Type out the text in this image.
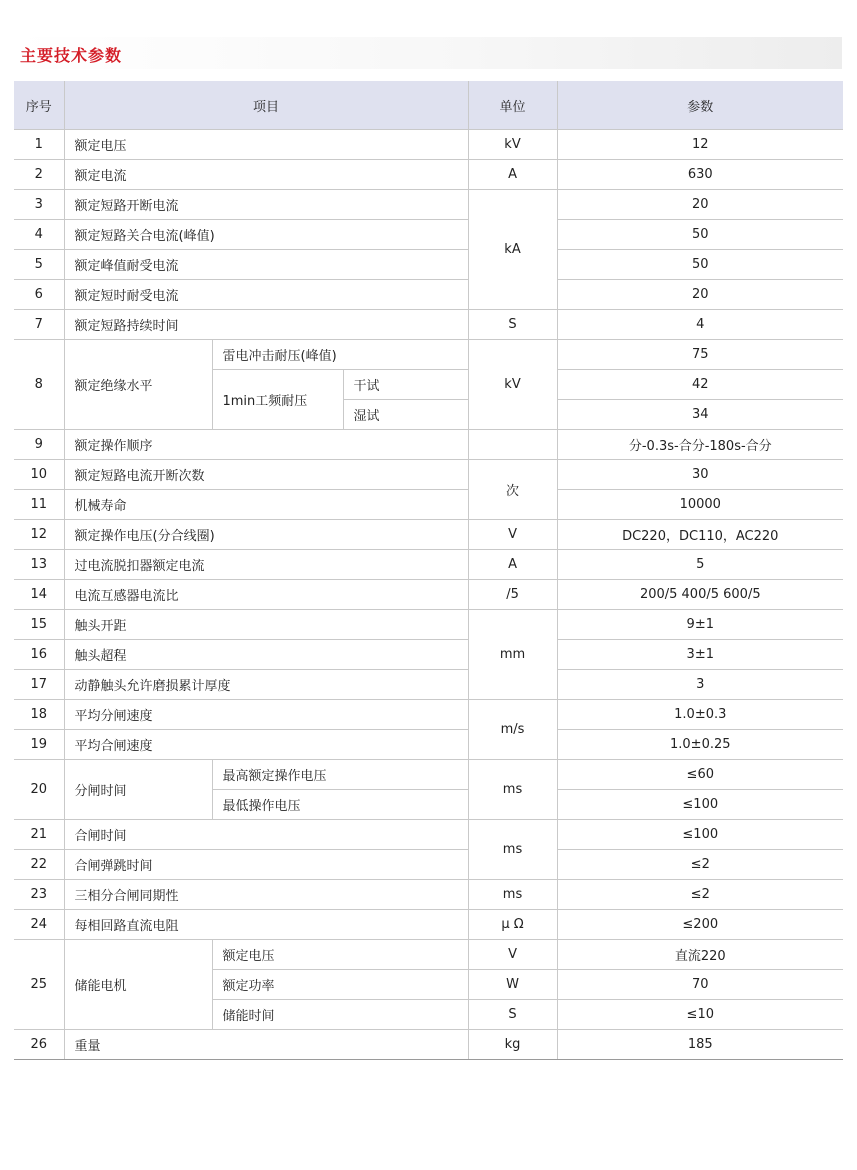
主要技术参数
序号	项目			单位	参数
1	额定电压			kV	12
2	额定电流			A	630
3	额定短路开断电流			kA	20
4	额定短路关合电流(峰值)				50
5	额定峰值耐受电流				50
6	额定短时耐受电流				20
7	额定短路持续时间			S	4
8	额定绝缘水平	雷电冲击耐压(峰值)		kV	75
		1min工频耐压	干试		42
			湿试		34
9	额定操作顺序				分-0.3s-合分-180s-合分
10	额定短路电流开断次数			次	30
11	机械寿命				10000
12	额定操作电压(分合线圈)			V	DC220，DC110，AC220
13	过电流脱扣器额定电流			A	5
14	电流互感器电流比			/5	200/5 400/5 600/5
15	触头开距			mm	9±1
16	触头超程				3±1
17	动静触头允许磨损累计厚度				3
18	平均分闸速度			m/s	1.0±0.3
19	平均合闸速度				1.0±0.25
20	分闸时间	最高额定操作电压		ms	≤60
		最低操作电压			≤100
21	合闸时间			ms	≤100
22	合闸弹跳时间				≤2
23	三相分合闸同期性			ms	≤2
24	每相回路直流电阻			μ Ω	≤200
25	储能电机	额定电压		V	直流220
		额定功率		W	70
		储能时间		S	≤10
26	重量			kg	185
